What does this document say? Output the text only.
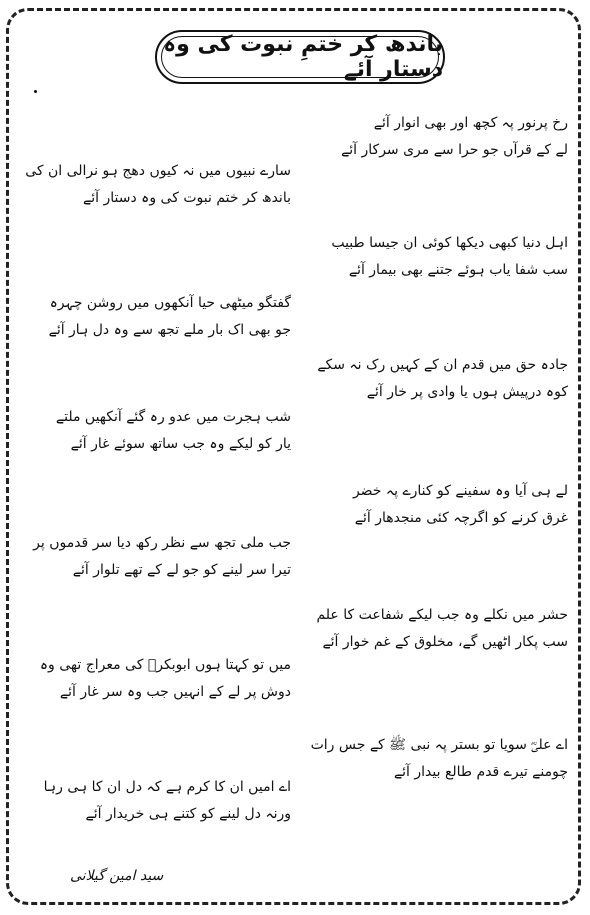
باندھ کر ختمِ نبوت کی وہ دستار آئے
رخ پرنور پہ کچھ اور بھی انوار آئے
لے کے قرآں جو حرا سے مری سرکار آئے
اہل دنیا کبھی دیکھا کوئی ان جیسا طبیب
سب شفا یاب ہوئے جتنے بھی بیمار آئے
جادہ حق میں قدم ان کے کہیں رک نہ سکے
کوہ درپیش ہوں یا وادی پر خار آئے
لے ہی آیا وہ سفینے کو کنارے پہ خضر
غرق کرنے کو اگرچہ کئی منجدھار آئے
حشر میں نکلے وہ جب لیکے شفاعت کا علم
سب پکار اٹھیں گے، مخلوق کے غم خوار آئے
اے علیؓ سویا تو بستر پہ نبی ﷺ کے جس رات
چومنے تیرے قدم طالع بیدار آئے
سارے نبیوں میں نہ کیوں دھج ہو نرالی ان کی
باندھ کر ختم نبوت کی وہ دستار آئے
گفتگو میٹھی حیا آنکھوں میں روشن چہرہ
جو بھی اک بار ملے تجھ سے وہ دل ہار آئے
شب ہجرت میں عدو رہ گئے آنکھیں ملتے
یار کو لیکے وہ جب ساتھ سوئے غار آئے
جب ملی تجھ سے نظر رکھ دیا سر قدموں پر
تیرا سر لینے کو جو لے کے تھے تلوار آئے
میں تو کہتا ہوں ابوبکرؓ کی معراج تھی وہ
دوش پر لے کے انہیں جب وہ سر غار آئے
اے امیں ان کا کرم ہے کہ دل ان کا ہی رہا
ورنہ دل لینے کو کتنے ہی خریدار آئے
سید امین گیلانی
